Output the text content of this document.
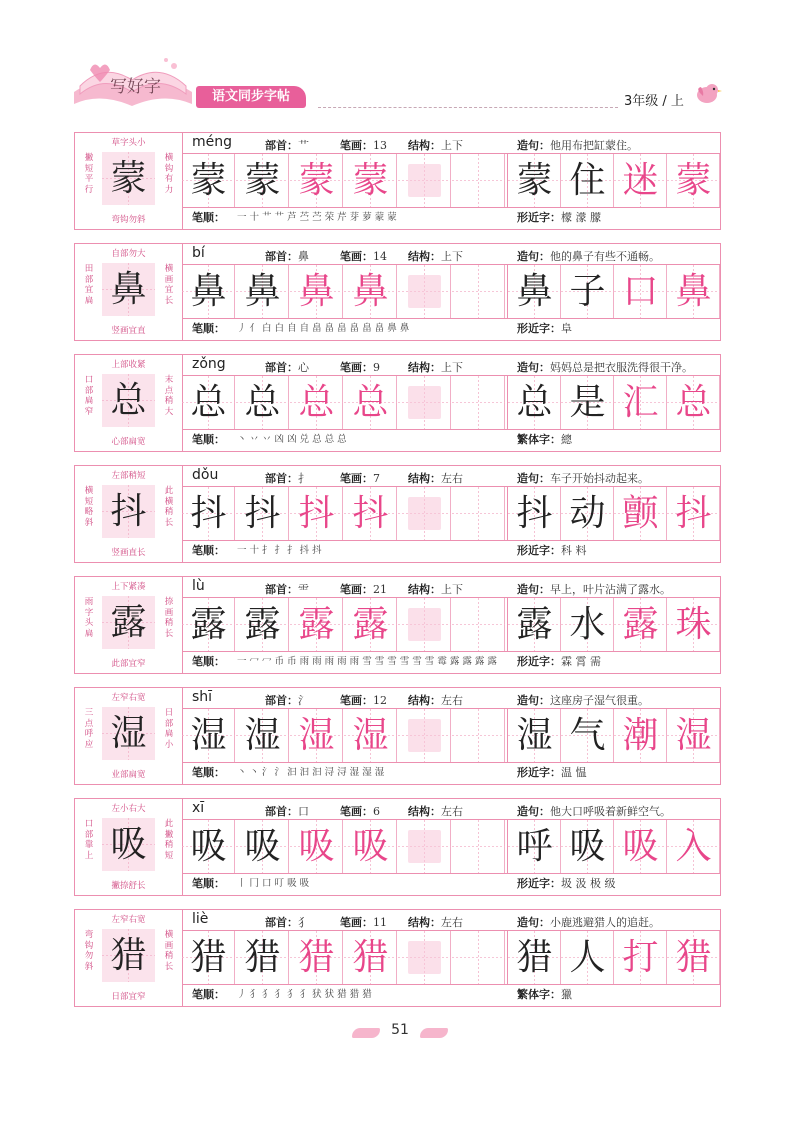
写好字	语文同步字帖	3年级 / 上
草字头小
撇短平行
横钩有力
弯钩勿斜
蒙
méng	部首：艹	笔画：13 结构：上下	造句：他用布把缸蒙住。
蒙 蒙 蒙 蒙	蒙 住 迷 蒙
笔顺： 一 十 艹 艹 芦 苎 苎 荣 芹 芽 萝 蒙 蒙	形近字：檬 濛 朦
自部勿大
田部宜扁
横画宜长
竖画宜直
鼻
bí	部首：鼻	笔画：14 结构：上下	造句：他的鼻子有些不通畅。
鼻 鼻 鼻 鼻	鼻 子 口 鼻
笔顺： 丿 亻 白 白 自 自 畠 畠 畠 畠 畠 畠 鼻 鼻	形近字：阜
上部收紧
口部扁窄
末点稍大
心部扁宽
总
zǒng	部首：心	笔画：9	结构：上下	造句：妈妈总是把衣服洗得很干净。
总 总 总 总	总 是 汇 总
笔顺： 丶 丷 丷 凶 凶 兑 总 总 总	繁体字：總
左部稍短
横短略斜
此横稍长
竖画直长
抖
dǒu	部首：扌	笔画：7	结构：左右	造句：车子开始抖动起来。
抖 抖 抖 抖	抖 动 颤 抖
笔顺： 一 十 扌 扌 扌 抖 抖	形近字：科 料
上下紧凑
雨字头扁
捺画稍长
此部宜窄
露
lù	部首：⻗	笔画：21 结构：上下	造句：早上，叶片沾满了露水。
露 露 露 露	露 水 露 珠
笔顺： 一 冖 冖 币 币 雨 雨 雨 雨 雨 雪 雪 雪 雪 雪 雪 霉 露 露 露 露 形近字：霖 霄 需
左窄右宽
三点呼应
日部扁小
业部扁宽
湿
shī	部首：氵	笔画：12 结构：左右	造句：这座房子湿气很重。
湿 湿 湿 湿	湿 气 潮 湿
笔顺： 丶 丶 氵 氵 汩 汩 汩 浔 浔 湿 湿 湿	形近字：温 愠
左小右大
口部靠上
此撇稍短
撇捺舒长
吸
xī	部首：口	笔画：6	结构：左右	造句：他大口呼吸着新鲜空气。
吸 吸 吸 吸	呼 吸 吸 入
笔顺： 丨 冂 口 叮 吸 吸	形近字：圾 汲 极 级
左窄右宽
弯钩勿斜
横画稍长
日部宜窄
猎
liè	部首：犭	笔画：11 结构：左右	造句：小鹿逃避猎人的追赶。
猎 猎 猎 猎	猎 人 打 猎
笔顺： 丿 犭 犭 犭 犭 犭 犾 犾 猎 猎 猎	繁体字：獵
51
